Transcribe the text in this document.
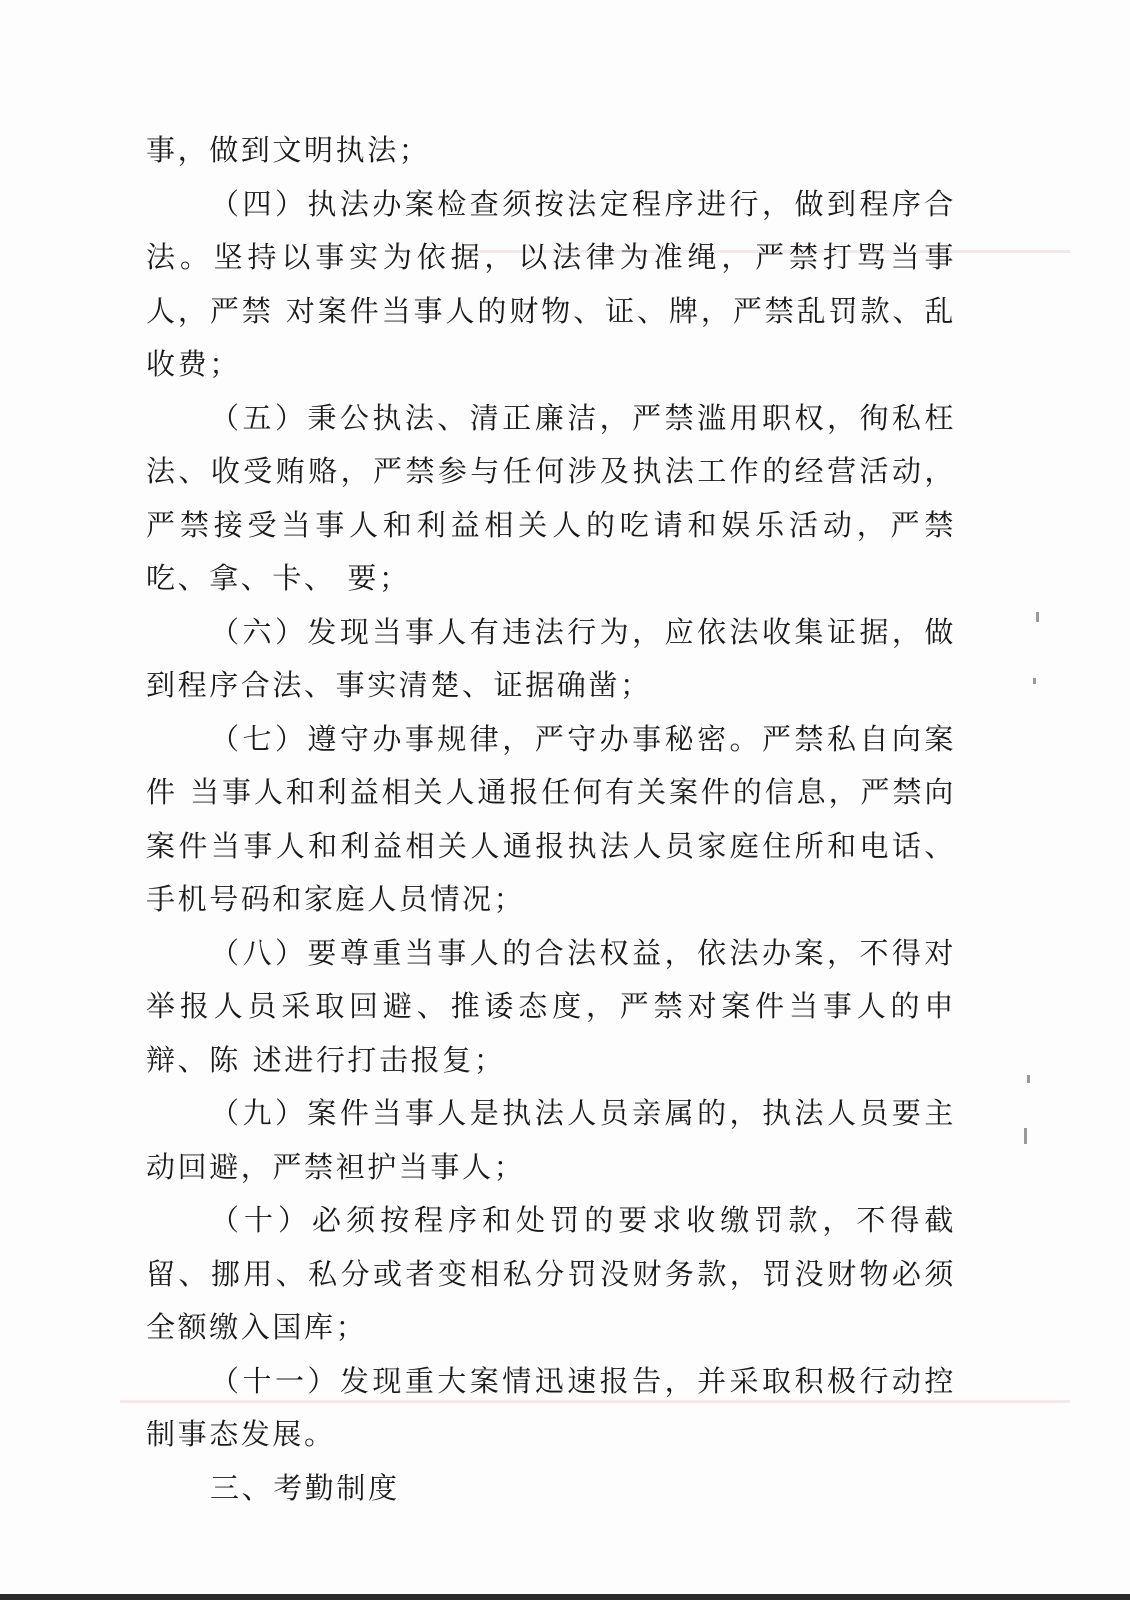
事，做到文明执法；

（四）执法办案检查须按法定程序进行，做到程序合法。坚持以事实为依据，以法律为准绳，严禁打骂当事人，严禁 对案件当事人的财物、证、牌，严禁乱罚款、乱收费；

（五）秉公执法、清正廉洁，严禁滥用职权，徇私枉法、收受贿赂，严禁参与任何涉及执法工作的经营活动，严禁接受当事人和利益相关人的吃请和娱乐活动，严禁吃、拿、卡、 要；

（六）发现当事人有违法行为，应依法收集证据，做到程序合法、事实清楚、证据确凿；

（七）遵守办事规律，严守办事秘密。严禁私自向案件 当事人和利益相关人通报任何有关案件的信息，严禁向案件当事人和利益相关人通报执法人员家庭住所和电话、手机号码和家庭人员情况；

（八）要尊重当事人的合法权益，依法办案，不得对举报人员采取回避、推诿态度，严禁对案件当事人的申辩、陈 述进行打击报复；

（九）案件当事人是执法人员亲属的，执法人员要主动回避，严禁袒护当事人；

（十）必须按程序和处罚的要求收缴罚款，不得截留、挪用、私分或者变相私分罚没财务款，罚没财物必须全额缴入国库；

（十一）发现重大案情迅速报告，并采取积极行动控制事态发展。

三、考勤制度
